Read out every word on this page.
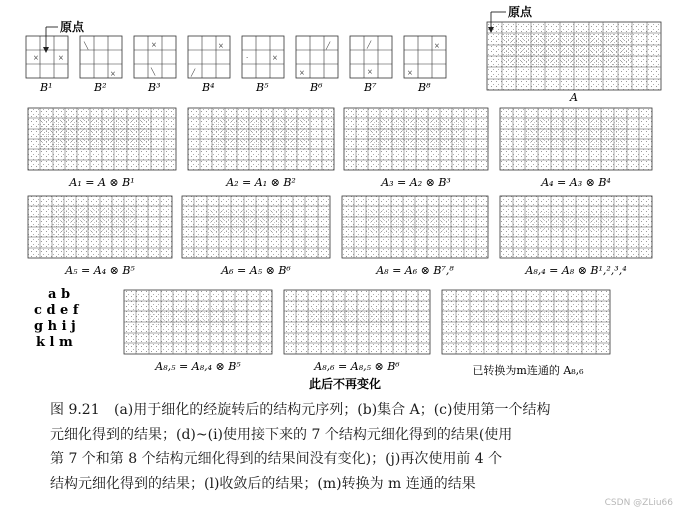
×	×
B¹
╲
×
B²
×
╲
B³
×
╱
B⁴
·	×
B⁵
╱
×
B⁶
╱
×
B⁷
×
×
B⁸
原点
原点
A
A₁ = A ⊗ B¹	A₂ = A₁ ⊗ B²	A₃ = A₂ ⊗ B³	A₄ = A₃ ⊗ B⁴
A₅ = A₄ ⊗ B⁵	A₆ = A₅ ⊗ B⁶	A₈ = A₆ ⊗ B⁷,⁸	A₈,₄ = A₈ ⊗ B¹,²,³,⁴
a b
c d e f
g h i j
k l m
A₈,₅ = A₈,₄ ⊗ B⁵	A₈,₆ = A₈,₅ ⊗ B⁶	已转换为m连通的 A₈,₆
此后不再变化
图 9.21 (a)用于细化的经旋转后的结构元序列；(b)集合 A；(c)使用第一个结构
元细化得到的结果；(d)~(i)使用接下来的 7 个结构元细化得到的结果(使用
第 7 个和第 8 个结构元细化得到的结果间没有变化)；(j)再次使用前 4 个
结构元细化得到的结果；(l)收敛后的结果；(m)转换为 m 连通的结果
CSDN @ZLiu66
